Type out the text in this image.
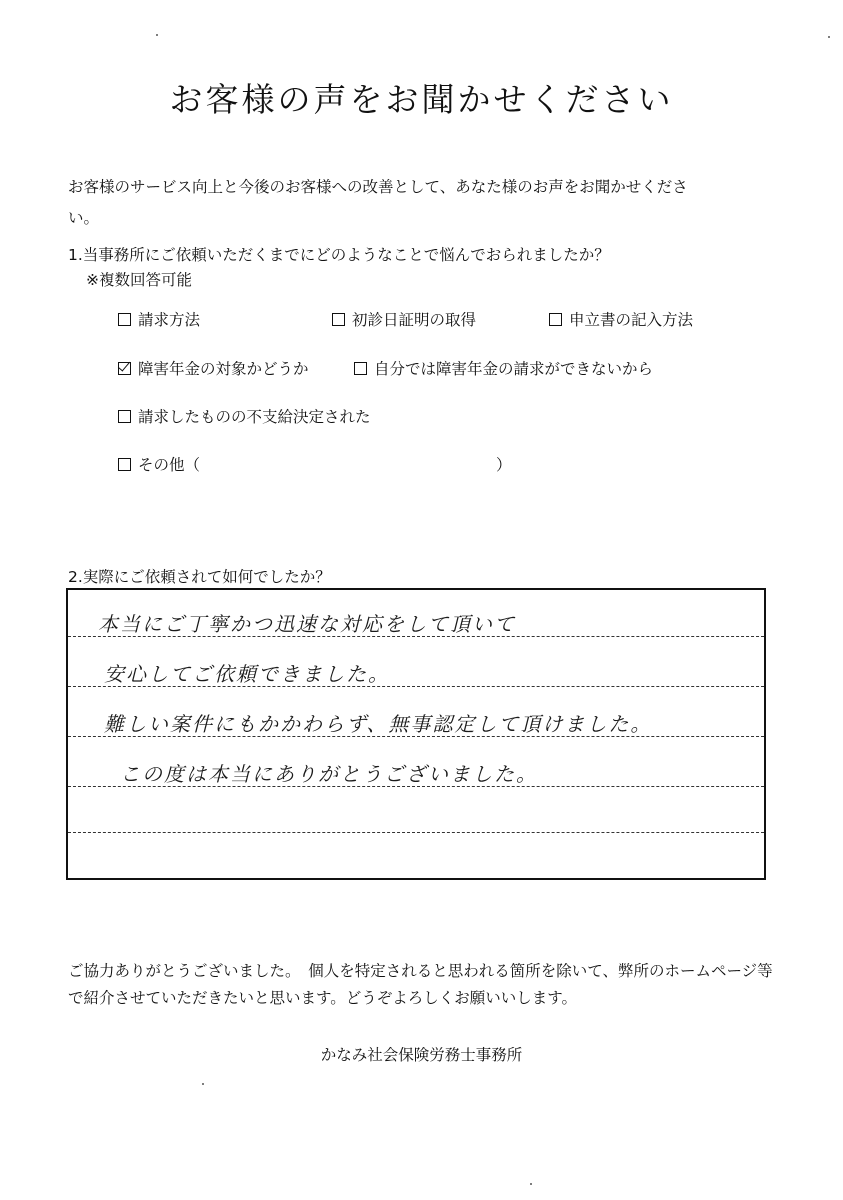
お客様の声をお聞かせください
お客様のサービス向上と今後のお客様への改善として、あなた様のお声をお聞かせください。
1.当事務所にご依頼いただくまでにどのようなことで悩んでおられましたか？
※複数回答可能
請求方法	初診日証明の取得	申立書の記入方法
障害年金の対象かどうか	自分では障害年金の請求ができないから
請求したものの不支給決定された
その他（	）
2.実際にご依頼されて如何でしたか？
本当にご丁寧かつ迅速な対応をして頂いて
安心してご依頼できました。
難しい案件にもかかわらず、無事認定して頂けました。
この度は本当にありがとうございました。
ご協力ありがとうございました。　個人を特定されると思われる箇所を除いて、弊所のホームページ等で紹介させていただきたいと思います。どうぞよろしくお願いいします。
かなみ社会保険労務士事務所
